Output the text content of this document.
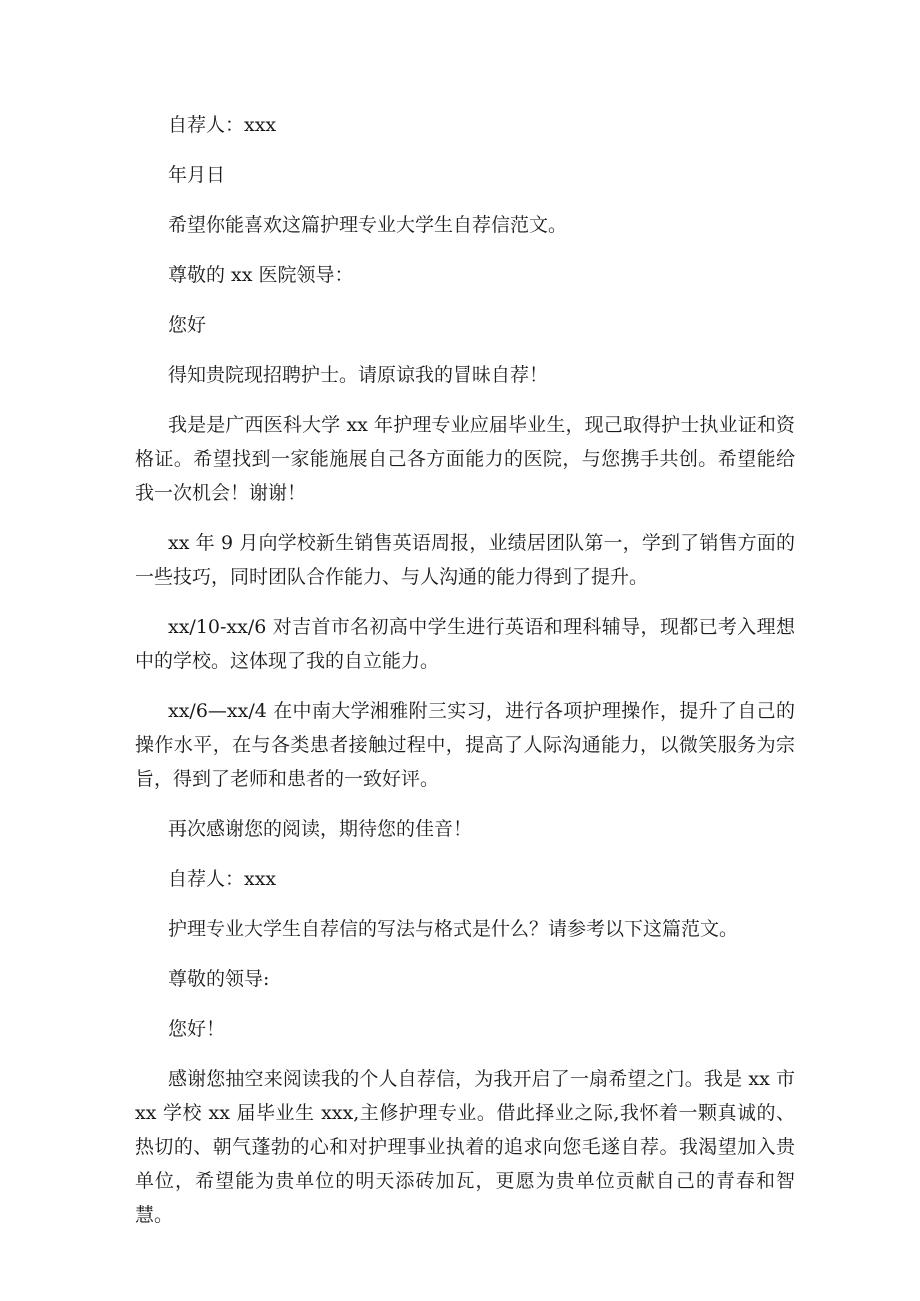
自荐人：xxx

年月日

希望你能喜欢这篇护理专业大学生自荐信范文。

尊敬的 xx 医院领导：

您好

得知贵院现招聘护士。请原谅我的冒昧自荐！

我是是广西医科大学 xx 年护理专业应届毕业生，现己取得护士执业证和资格证。希望找到一家能施展自己各方面能力的医院，与您携手共创。希望能给我一次机会！谢谢！

xx 年 9 月向学校新生销售英语周报，业绩居团队第一，学到了销售方面的一些技巧，同时团队合作能力、与人沟通的能力得到了提升。

xx/10-xx/6 对吉首市名初高中学生进行英语和理科辅导，现都已考入理想中的学校。这体现了我的自立能力。

xx/6—xx/4 在中南大学湘雅附三实习，进行各项护理操作，提升了自己的操作水平，在与各类患者接触过程中，提高了人际沟通能力，以微笑服务为宗旨，得到了老师和患者的一致好评。

再次感谢您的阅读，期待您的佳音！

自荐人：xxx

护理专业大学生自荐信的写法与格式是什么？请参考以下这篇范文。

尊敬的领导:

您好！

感谢您抽空来阅读我的个人自荐信，为我开启了一扇希望之门。我是 xx 市 xx 学校 xx 届毕业生 xxx,主修护理专业。借此择业之际,我怀着一颗真诚的、热切的、朝气蓬勃的心和对护理事业执着的追求向您毛遂自荐。我渴望加入贵单位，希望能为贵单位的明天添砖加瓦，更愿为贵单位贡献自己的青春和智慧。
